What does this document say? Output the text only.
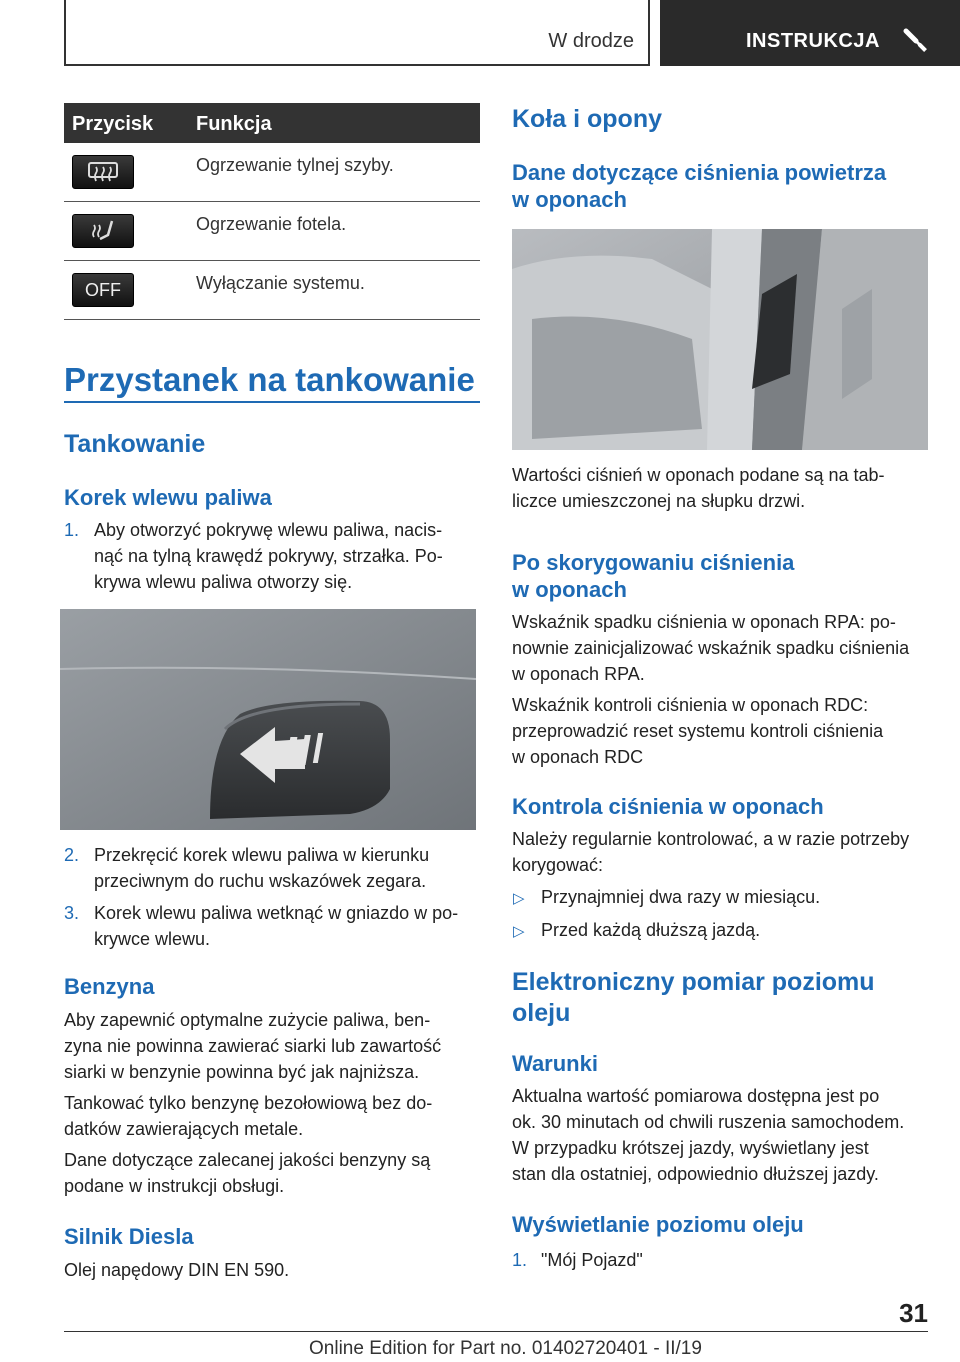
W drodze	INSTRUKCJA
Przycisk Funkcja
Ogrzewanie tylnej szyby.
Ogrzewanie fotela.
OFF	Wyłączanie systemu.
Przystanek na tankowanie
Tankowanie
Korek wlewu paliwa
1. Aby otworzyć pokrywę wlewu paliwa, nacis‐
nąć na tylną krawędź pokrywy, strzałka. Po‐
krywa wlewu paliwa otworzy się.
2. Przekręcić korek wlewu paliwa w kierunku
przeciwnym do ruchu wskazówek zegara.
3. Korek wlewu paliwa wetknąć w gniazdo w po‐
krywce wlewu.
Benzyna
Aby zapewnić optymalne zużycie paliwa, ben‐
zyna nie powinna zawierać siarki lub zawartość
siarki w benzynie powinna być jak najniższa.
Tankować tylko benzynę bezołowiową bez do‐
datków zawierających metale.
Dane dotyczące zalecanej jakości benzyny są
podane w instrukcji obsługi.
Silnik Diesla
Olej napędowy DIN EN 590.
Koła i opony
Dane dotyczące ciśnienia powietrza
w oponach
Wartości ciśnień w oponach podane są na tab‐
liczce umieszczonej na słupku drzwi.
Po skorygowaniu ciśnienia
w oponach
Wskaźnik spadku ciśnienia w oponach RPA: po‐
nownie zainicjalizować wskaźnik spadku ciśnienia
w oponach RPA.
Wskaźnik kontroli ciśnienia w oponach RDC:
przeprowadzić reset systemu kontroli ciśnienia
w oponach RDC
Kontrola ciśnienia w oponach
Należy regularnie kontrolować, a w razie potrzeby
korygować:
▷ Przynajmniej dwa razy w miesiącu.
▷ Przed każdą dłuższą jazdą.
Elektroniczny pomiar poziomu
oleju
Warunki
Aktualna wartość pomiarowa dostępna jest po
ok. 30 minutach od chwili ruszenia samochodem.
W przypadku krótszej jazdy, wyświetlany jest
stan dla ostatniej, odpowiednio dłuższej jazdy.
Wyświetlanie poziomu oleju
1. "Mój Pojazd"
31
Online Edition for Part no. 01402720401 - II/19
